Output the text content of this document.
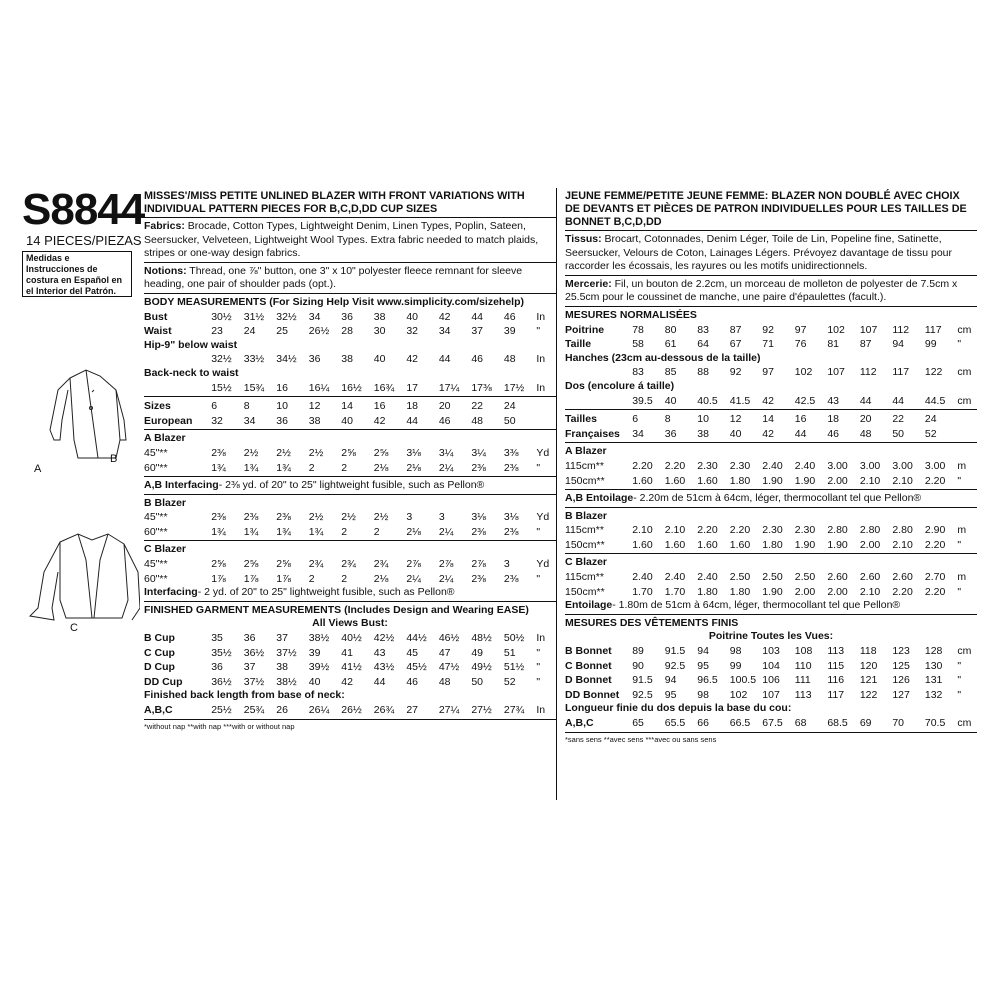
S8844
14 PIECES/PIEZAS
Medidas e Instrucciones de costura en Español en el Interior del Patrón.
A
B
C
MISSES'/MISS PETITE UNLINED BLAZER WITH FRONT VARIATIONS WITH INDIVIDUAL PATTERN PIECES FOR B,C,D,DD CUP SIZES
Fabrics: Brocade, Cotton Types, Lightweight Denim, Linen Types, Poplin, Sateen, Seersucker, Velveteen, Lightweight Wool Types. Extra fabric needed to match plaids, stripes or one-way design fabrics.
Notions: Thread, one ⅞" button, one 3" x 10" polyester fleece remnant for sleeve heading, one pair of shoulder pads (opt.).
BODY MEASUREMENTS (For Sizing Help Visit www.simplicity.com/sizehelp)
Bust	30½	31½	32½	34	36	38	40	42	44	46	In
Waist	23	24	25	26½	28	30	32	34	37	39	"
Hip-9" below waist
	32½	33½	34½	36	38	40	42	44	46	48	In
Back-neck to waist
	15½	15¾	16	16¼	16½	16¾	17	17¼	17⅜	17½	In
Sizes	6	8	10	12	14	16	18	20	22	24	
European	32	34	36	38	40	42	44	46	48	50	
A Blazer
45"**	2⅜	2½	2½	2½	2⅝	2⅝	3⅛	3¼	3¼	3⅜	Yd
60"**	1¾	1¾	1¾	2	2	2⅛	2⅛	2¼	2⅜	2⅜	"
A,B Interfacing- 2⅜ yd. of 20" to 25" lightweight fusible, such as Pellon®
B Blazer
45"**	2⅜	2⅜	2⅜	2½	2½	2½	3	3	3⅛	3⅛	Yd
60"**	1¾	1¾	1¾	1¾	2	2	2⅛	2¼	2⅜	2⅜	"
C Blazer
45"**	2⅝	2⅝	2⅝	2¾	2¾	2¾	2⅞	2⅞	2⅞	3	Yd
60"**	1⅞	1⅞	1⅞	2	2	2⅛	2¼	2¼	2⅜	2⅜	"
Interfacing- 2 yd. of 20" to 25" lightweight fusible, such as Pellon®
FINISHED GARMENT MEASUREMENTS (Includes Design and Wearing EASE)
All Views Bust:
B Cup	35	36	37	38½	40½	42½	44½	46½	48½	50½	In
C Cup	35½	36½	37½	39	41	43	45	47	49	51	"
D Cup	36	37	38	39½	41½	43½	45½	47½	49½	51½	"
DD Cup	36½	37½	38½	40	42	44	46	48	50	52	"
Finished back length from base of neck:
A,B,C	25½	25¾	26	26¼	26½	26¾	27	27¼	27½	27¾	In
*without nap **with nap ***with or without nap
JEUNE FEMME/PETITE JEUNE FEMME: BLAZER NON DOUBLÉ AVEC CHOIX DE DEVANTS ET PIÈCES DE PATRON INDIVIDUELLES POUR LES TAILLES DE BONNET B,C,D,DD
Tissus: Brocart, Cotonnades, Denim Léger, Toile de Lin, Popeline fine, Satinette, Seersucker, Velours de Coton, Lainages Légers. Prévoyez davantage de tissu pour raccorder les écossais, les rayures ou les motifs unidirectionnels.
Mercerie: Fil, un bouton de 2.2cm, un morceau de molleton de polyester de 7.5cm x 25.5cm pour le coussinet de manche, une paire d'épaulettes (facult.).
MESURES NORMALISÉES
Poitrine	78	80	83	87	92	97	102	107	112	117	cm
Taille	58	61	64	67	71	76	81	87	94	99	"
Hanches (23cm au-dessous de la taille)
	83	85	88	92	97	102	107	112	117	122	cm
Dos (encolure á taille)
	39.5	40	40.5	41.5	42	42.5	43	44	44	44.5	cm
Tailles	6	8	10	12	14	16	18	20	22	24	
Françaises	34	36	38	40	42	44	46	48	50	52	
A Blazer
115cm**	2.20	2.20	2.30	2.30	2.40	2.40	3.00	3.00	3.00	3.00	m
150cm**	1.60	1.60	1.60	1.80	1.90	1.90	2.00	2.10	2.10	2.20	"
A,B Entoilage- 2.20m de 51cm à 64cm, léger, thermocollant tel que Pellon®
B Blazer
115cm**	2.10	2.10	2.20	2.20	2.30	2.30	2.80	2.80	2.80	2.90	m
150cm**	1.60	1.60	1.60	1.60	1.80	1.90	1.90	2.00	2.10	2.20	"
C Blazer
115cm**	2.40	2.40	2.40	2.50	2.50	2.50	2.60	2.60	2.60	2.70	m
150cm**	1.70	1.70	1.80	1.80	1.90	2.00	2.00	2.10	2.20	2.20	"
Entoilage- 1.80m de 51cm à 64cm, léger, thermocollant tel que Pellon®
MESURES DES VÊTEMENTS FINIS
Poitrine Toutes les Vues:
B Bonnet	89	91.5	94	98	103	108	113	118	123	128	cm
C Bonnet	90	92.5	95	99	104	110	115	120	125	130	"
D Bonnet	91.5	94	96.5	100.5	106	111	116	121	126	131	"
DD Bonnet	92.5	95	98	102	107	113	117	122	127	132	"
Longueur finie du dos depuis la base du cou:
A,B,C	65	65.5	66	66.5	67.5	68	68.5	69	70	70.5	cm
*sans sens **avec sens ***avec ou sans sens
